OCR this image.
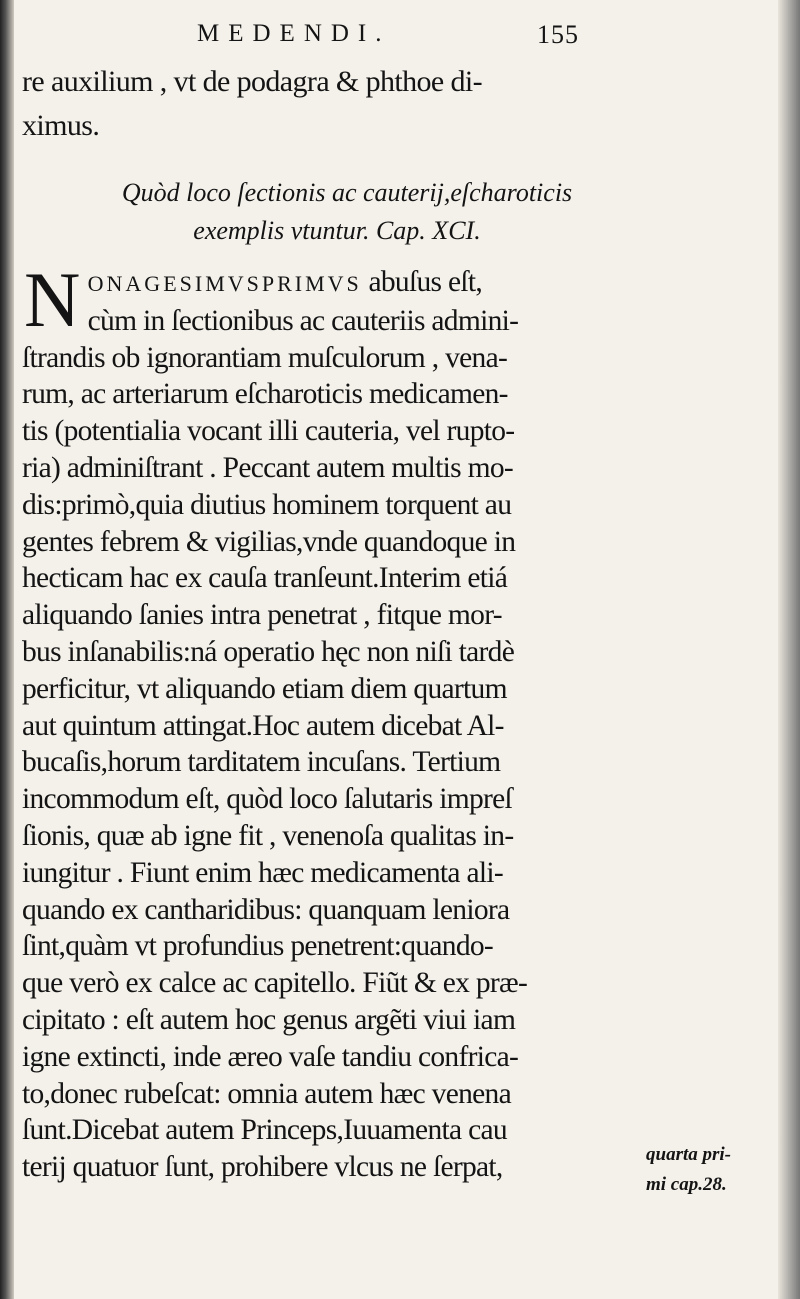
MEDENDI.	155
re auxilium , vt de podagra & phthoe di-
ximus.
Quòd loco ſectionis ac cauterij,eſcharoticis
exemplis vtuntur. Cap. XCI.
N ONAGESIMVSPRIMVS abuſus eſt,
cùm in ſectionibus ac cauteriis admini-
ſtrandis ob ignorantiam muſculorum , vena-
rum, ac arteriarum eſcharoticis medicamen-
tis (potentialia vocant illi cauteria, vel rupto-
ria) adminiſtrant . Peccant autem multis mo-
dis:primò,quia diutius hominem torquent au
gentes febrem & vigilias,vnde quandoque in
hecticam hac ex cauſa tranſeunt.Interim etiá
aliquando ſanies intra penetrat , fitque mor-
bus inſanabilis:ná operatio hęc non niſi tardè
perficitur, vt aliquando etiam diem quartum
aut quintum attingat.Hoc autem dicebat Al-
bucaſis,horum tarditatem incuſans. Tertium
incommodum eſt, quòd loco ſalutaris impreſ
ſionis, quæ ab igne fit , venenoſa qualitas in-
iungitur . Fiunt enim hæc medicamenta ali-
quando ex cantharidibus: quanquam leniora
ſint,quàm vt profundius penetrent:quando-
que verò ex calce ac capitello. Fiũt & ex præ-
cipitato : eſt autem hoc genus argẽti viui iam
igne extincti, inde æreo vaſe tandiu confrica-
to,donec rubeſcat: omnia autem hæc venena
ſunt.Dicebat autem Princeps,Iuuamenta cau
terij quatuor ſunt, prohibere vlcus ne ſerpat,	quarta pri-
mi cap.28.
